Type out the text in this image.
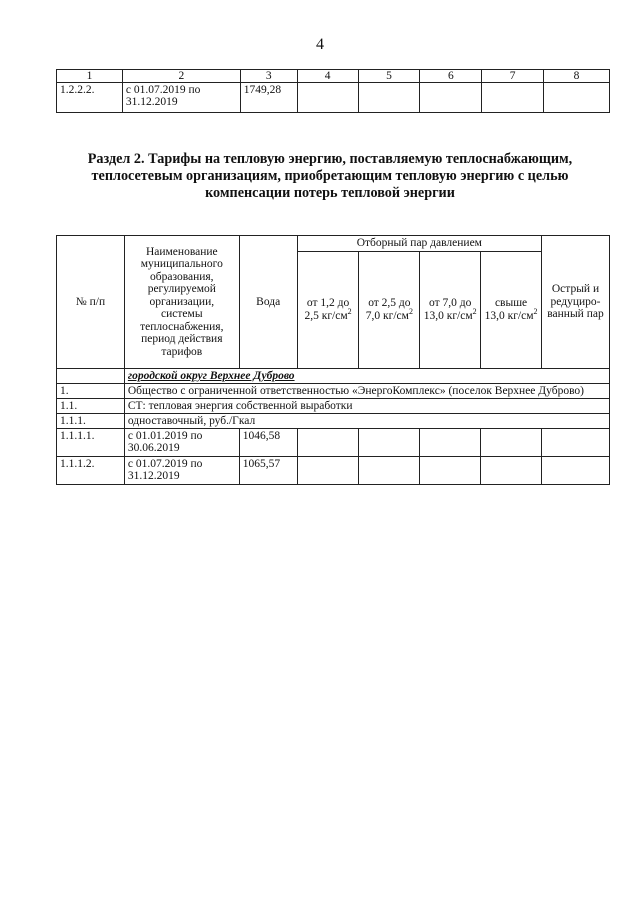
4
1	2	3	4	5	6	7	8
1.2.2.2.	с 01.07.2019 по 31.12.2019	1749,28					
Раздел 2. Тарифы на тепловую энергию, поставляемую теплоснабжающим, теплосетевым организациям, приобретающим тепловую энергию с целью компенсации потерь тепловой энергии
№ п/п	Наименование муниципального образования, регулируемой организации, системы теплоснабжения, период действия тарифов	Вода	Отборный пар давлением				Острый и редуциро-ванный пар
			от 1,2 до 2,5 $кг/см^2$	от 2,5 до 7,0 $кг/см^2$	от 7,0 до 13,0 $кг/см^2$	свыше 13,0 $кг/см^2$
	городской округ Верхнее Дуброво						
1.	Общество с ограниченной ответственностью «ЭнергоКомплекс» (поселок Верхнее Дуброво)						
1.1.	СТ: тепловая энергия собственной выработки						
1.1.1.	одноставочный, руб./Гкал						
1.1.1.1.	с 01.01.2019 по 30.06.2019	1046,58					
1.1.1.2.	с 01.07.2019 по 31.12.2019	1065,57					
